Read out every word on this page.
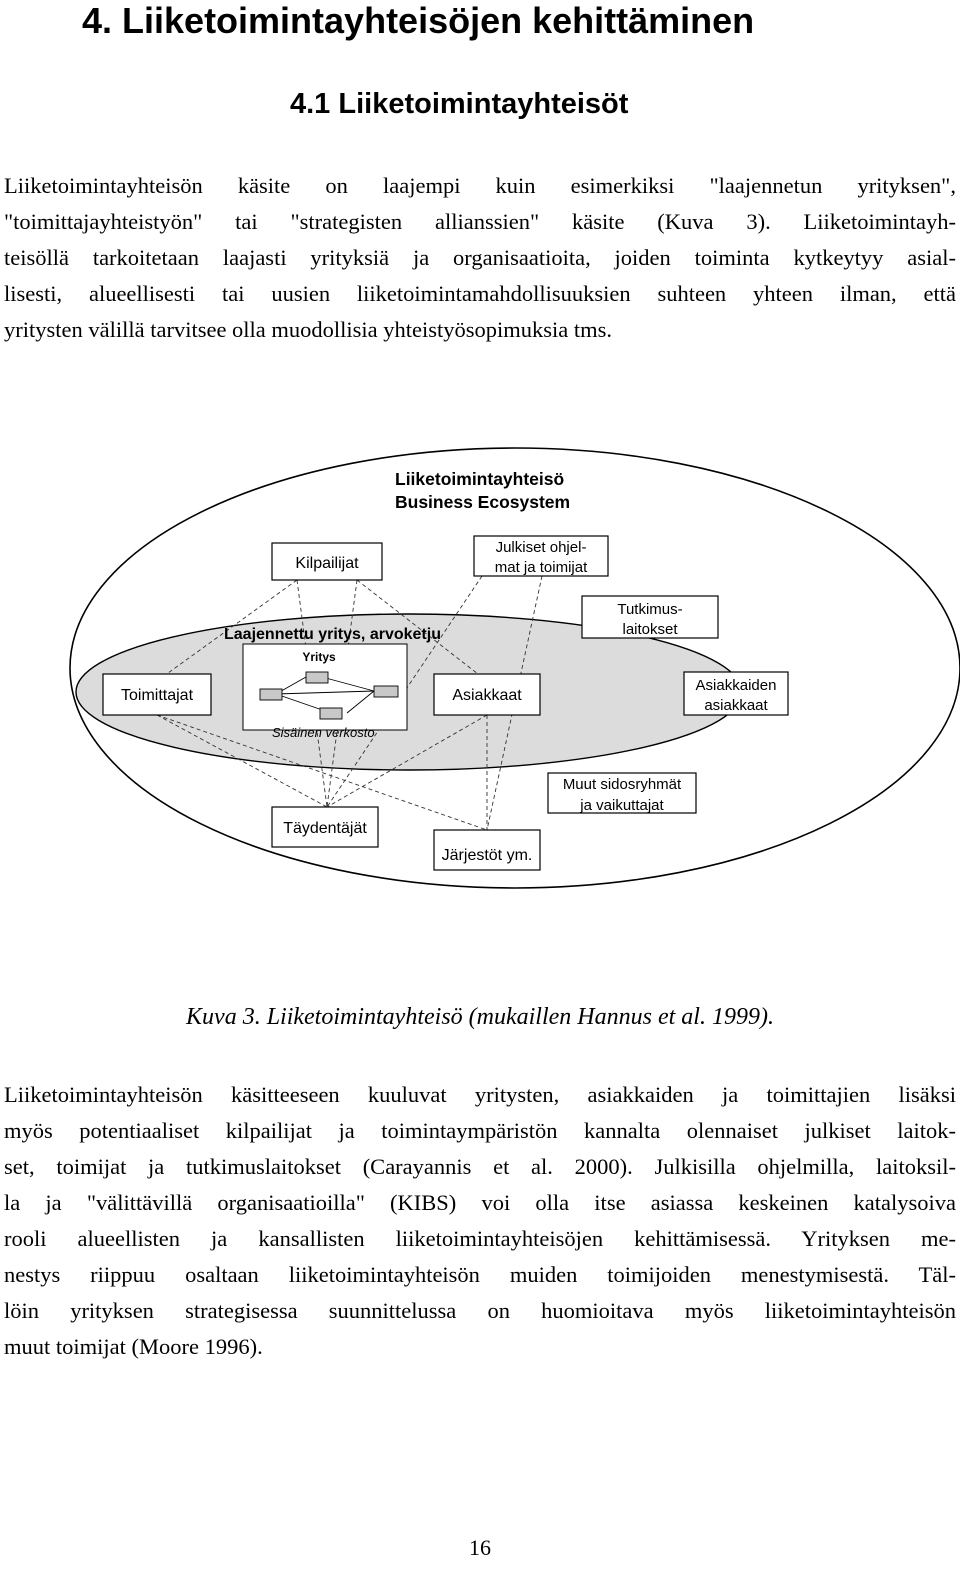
4. Liiketoimintayhteisöjen kehittäminen
4.1 Liiketoimintayhteisöt
Liiketoimintayhteisön käsite on laajempi kuin esimerkiksi "laajennetun yrityksen",
"toimittajayhteistyön" tai "strategisten allianssien" käsite (Kuva 3). Liiketoimintayh-
teisöllä tarkoitetaan laajasti yrityksiä ja organisaatioita, joiden toiminta kytkeytyy asial-
lisesti, alueellisesti tai uusien liiketoimintamahdollisuuksien suhteen yhteen ilman, että
yritysten välillä tarvitsee olla muodollisia yhteistyösopimuksia tms.
Liiketoimintayhteisö
Business Ecosystem
Kilpailijat
Julkiset ohjel-
mat ja toimijat
Tutkimus-
laitokset
Laajennettu yritys, arvoketju
Yritys
Sisäinen verkosto
Toimittajat	Asiakkaat
Asiakkaiden
asiakkaat
Muut sidosryhmät
ja vaikuttajat
Täydentäjät
Järjestöt ym.
Kuva 3. Liiketoimintayhteisö (mukaillen Hannus et al. 1999).
Liiketoimintayhteisön käsitteeseen kuuluvat yritysten, asiakkaiden ja toimittajien lisäksi
myös potentiaaliset kilpailijat ja toimintaympäristön kannalta olennaiset julkiset laitok-
set, toimijat ja tutkimuslaitokset (Carayannis et al. 2000). Julkisilla ohjelmilla, laitoksil-
la ja "välittävillä organisaatioilla" (KIBS) voi olla itse asiassa keskeinen katalysoiva
rooli alueellisten ja kansallisten liiketoimintayhteisöjen kehittämisessä. Yrityksen me-
nestys riippuu osaltaan liiketoimintayhteisön muiden toimijoiden menestymisestä. Täl-
löin yrityksen strategisessa suunnittelussa on huomioitava myös liiketoimintayhteisön
muut toimijat (Moore 1996).
16
